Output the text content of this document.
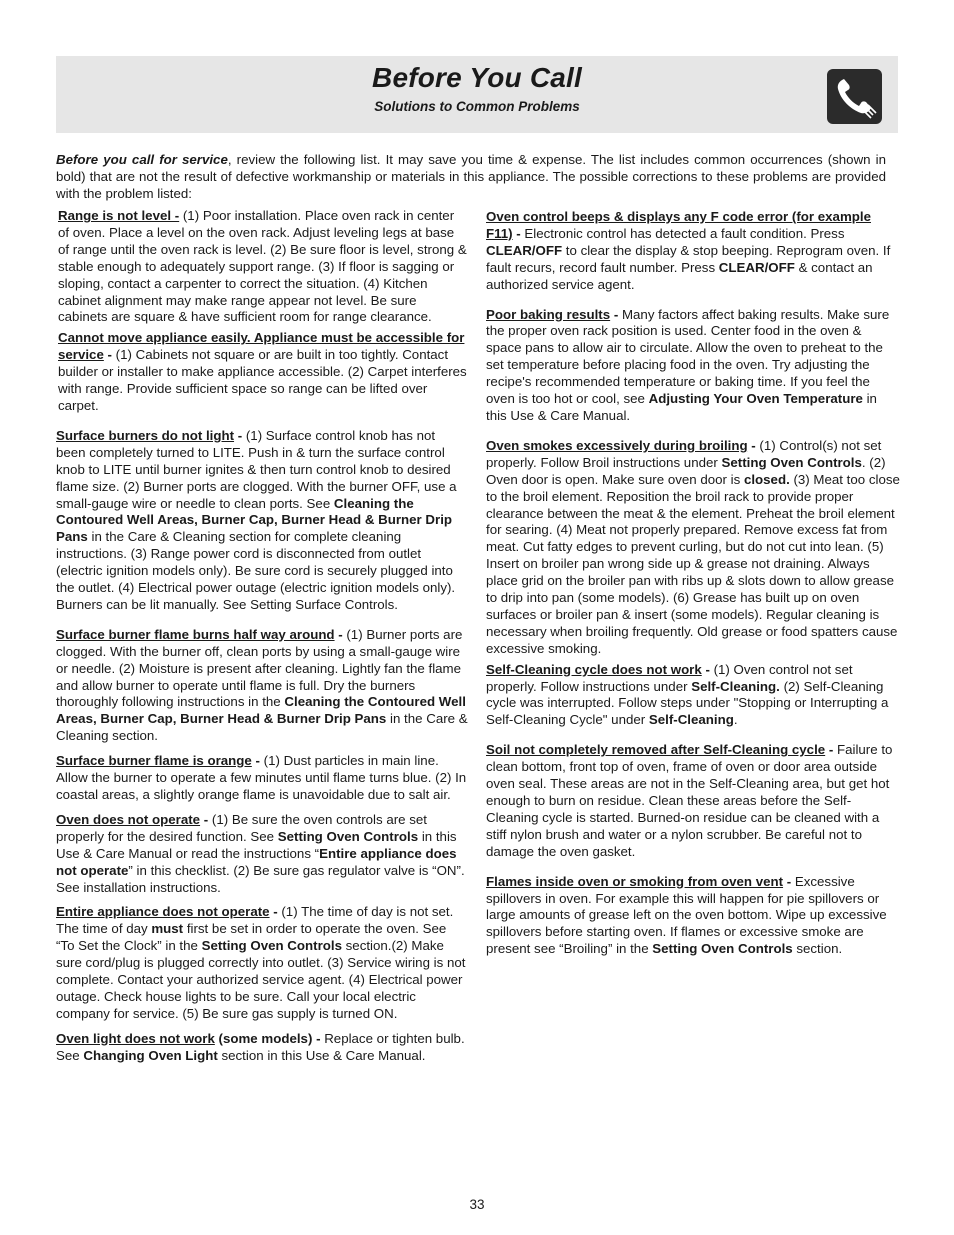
Before You Call
Solutions to Common Problems
Before you call for service, review the following list. It may save you time & expense. The list includes common occurrences (shown in bold) that are not the result of defective workmanship or materials in this appliance. The possible corrections to these problems are provided with the problem listed:

Range is not level - (1) Poor installation. Place oven rack in center of oven. Place a level on the oven rack. Adjust leveling legs at base of range until the oven rack is level. (2) Be sure floor is level, strong & stable enough to adequately support range. (3) If floor is sagging or sloping, contact a carpenter to correct the situation. (4) Kitchen cabinet alignment may make range appear not level. Be sure cabinets are square & have sufficient room for range clearance.

Cannot move appliance easily. Appliance must be accessible for service - (1) Cabinets not square or are built in too tightly. Contact builder or installer to make appliance accessible. (2) Carpet interferes with range. Provide sufficient space so range can be lifted over carpet.

Surface burners do not light - (1) Surface control knob has not been completely turned to LITE. Push in & turn the surface control knob to LITE until burner ignites & then turn control knob to desired flame size. (2) Burner ports are clogged. With the burner OFF, use a small-gauge wire or needle to clean ports. See Cleaning the Contoured Well Areas, Burner Cap, Burner Head & Burner Drip Pans in the Care & Cleaning section for complete cleaning instructions. (3) Range power cord is disconnected from outlet (electric ignition models only). Be sure cord is securely plugged into the outlet. (4) Electrical power outage (electric ignition models only). Burners can be lit manually. See Setting Surface Controls.

Surface burner flame burns half way around - (1) Burner ports are clogged. With the burner off, clean ports by using a small-gauge wire or needle. (2) Moisture is present after cleaning. Lightly fan the flame and allow burner to operate until flame is full. Dry the burners thoroughly following instructions in the Cleaning the Contoured Well Areas, Burner Cap, Burner Head & Burner Drip Pans in the Care & Cleaning section.

Surface burner flame is orange - (1) Dust particles in main line. Allow the burner to operate a few minutes until flame turns blue. (2) In coastal areas, a slightly orange flame is unavoidable due to salt air.

Oven does not operate - (1) Be sure the oven controls are set properly for the desired function. See Setting Oven Controls in this Use & Care Manual or read the instructions “Entire appliance does not operate” in this checklist. (2) Be sure gas regulator valve is “ON”. See installation instructions.

Entire appliance does not operate - (1) The time of day is not set. The time of day must first be set in order to operate the oven. See “To Set the Clock” in the Setting Oven Controls section.(2) Make sure cord/plug is plugged correctly into outlet. (3) Service wiring is not complete. Contact your authorized service agent. (4) Electrical power outage. Check house lights to be sure. Call your local electric company for service. (5) Be sure gas supply is turned ON.

Oven light does not work (some models) - Replace or tighten bulb. See Changing Oven Light section in this Use & Care Manual.

Oven control beeps & displays any F code error (for example F11) - Electronic control has detected a fault condition. Press CLEAR/OFF to clear the display & stop beeping. Reprogram oven. If fault recurs, record fault number. Press CLEAR/OFF & contact an authorized service agent.

Poor baking results - Many factors affect baking results. Make sure the proper oven rack position is used. Center food in the oven & space pans to allow air to circulate. Allow the oven to preheat to the set temperature before placing food in the oven. Try adjusting the recipe's recommended temperature or baking time. If you feel the oven is too hot or cool, see Adjusting Your Oven Temperature in this Use & Care Manual.

Oven smokes excessively during broiling - (1) Control(s) not set properly. Follow Broil instructions under Setting Oven Controls. (2) Oven door is open. Make sure oven door is closed. (3) Meat too close to the broil element. Reposition the broil rack to provide proper clearance between the meat & the element. Preheat the broil element for searing. (4) Meat not properly prepared. Remove excess fat from meat. Cut fatty edges to prevent curling, but do not cut into lean. (5) Insert on broiler pan wrong side up & grease not draining. Always place grid on the broiler pan with ribs up & slots down to allow grease to drip into pan (some models). (6) Grease has built up on oven surfaces or broiler pan & insert (some models). Regular cleaning is necessary when broiling frequently. Old grease or food spatters cause excessive smoking.

Self-Cleaning cycle does not work - (1) Oven control not set properly. Follow instructions under Self-Cleaning. (2) Self-Cleaning cycle was interrupted. Follow steps under "Stopping or Interrupting a Self-Cleaning Cycle" under Self-Cleaning.

Soil not completely removed after Self-Cleaning cycle - Failure to clean bottom, front top of oven, frame of oven or door area outside oven seal. These areas are not in the Self-Cleaning area, but get hot enough to burn on residue. Clean these areas before the Self-Cleaning cycle is started. Burned-on residue can be cleaned with a stiff nylon brush and water or a nylon scrubber. Be careful not to damage the oven gasket.

Flames inside oven or smoking from oven vent - Excessive spillovers in oven. For example this will happen for pie spillovers or large amounts of grease left on the oven bottom. Wipe up excessive spillovers before starting oven. If flames or excessive smoke are present see “Broiling” in the Setting Oven Controls section.

33
